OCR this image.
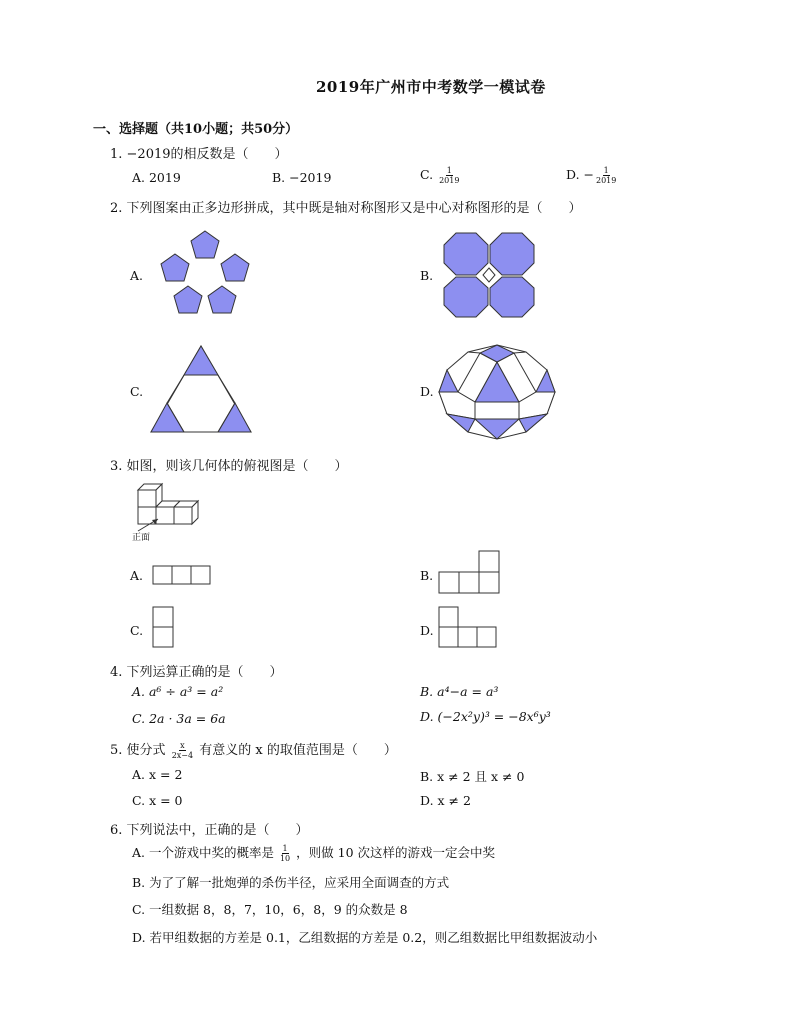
2019年广州市中考数学一模试卷
一、选择题（共10小题；共50分）
1. −2019的相反数是（　　）
A. 2019	B. −2019	C. $\frac{1}{2019}$	D. − $\frac{1}{2019}$
2. 下列图案由正多边形拼成，其中既是轴对称图形又是中心对称图形的是（　　）
A.	B.
C.	D.
3. 如图，则该几何体的俯视图是（　　）
正面
A.	B.
C.	D.
4. 下列运算正确的是（　　）
A. a⁶ ÷ a³ = a²	B. a⁴−a = a³
C. 2a · 3a = 6a	D. (−2x²y)³ = −8x⁶y³
5. 使分式 $\frac{x}{2x-4}$ 有意义的 x 的取值范围是（　　）
A. x = 2	B. x ≠ 2 且 x ≠ 0
C. x = 0	D. x ≠ 2
6. 下列说法中，正确的是（　　）
A. 一个游戏中奖的概率是 $\frac{1}{10}$ ，则做 10 次这样的游戏一定会中奖
B. 为了了解一批炮弹的杀伤半径，应采用全面调查的方式
C. 一组数据 8，8，7，10，6，8，9 的众数是 8
D. 若甲组数据的方差是 0.1，乙组数据的方差是 0.2，则乙组数据比甲组数据波动小
